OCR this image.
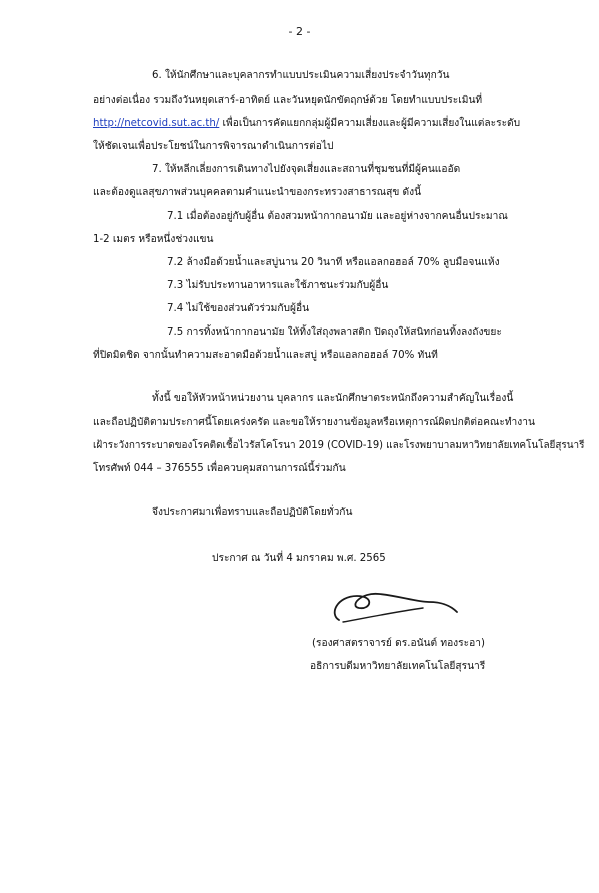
- 2 -
6. ให้นักศึกษาและบุคลากรทำแบบประเมินความเสี่ยงประจำวันทุกวัน
อย่างต่อเนื่อง รวมถึงวันหยุดเสาร์-อาทิตย์ และวันหยุดนักขัตฤกษ์ด้วย โดยทำแบบประเมินที่
http://netcovid.sut.ac.th/ เพื่อเป็นการคัดแยกกลุ่มผู้มีความเสี่ยงและผู้มีความเสี่ยงในแต่ละระดับ
ให้ชัดเจนเพื่อประโยชน์ในการพิจารณาดำเนินการต่อไป
7. ให้หลีกเลี่ยงการเดินทางไปยังจุดเสี่ยงและสถานที่ชุมชนที่มีผู้คนแออัด
และต้องดูแลสุขภาพส่วนบุคคลตามคำแนะนำของกระทรวงสาธารณสุข ดังนี้
7.1 เมื่อต้องอยู่กับผู้อื่น ต้องสวมหน้ากากอนามัย และอยู่ห่างจากคนอื่นประมาณ
1-2 เมตร หรือหนึ่งช่วงแขน
7.2 ล้างมือด้วยน้ำและสบู่นาน 20 วินาที หรือแอลกอฮอล์ 70% ลูบมือจนแห้ง
7.3 ไม่รับประทานอาหารและใช้ภาชนะร่วมกับผู้อื่น
7.4 ไม่ใช้ของส่วนตัวร่วมกับผู้อื่น
7.5 การทิ้งหน้ากากอนามัย ให้ทิ้งใส่ถุงพลาสติก ปิดถุงให้สนิทก่อนทิ้งลงถังขยะ
ที่ปิดมิดชิด จากนั้นทำความสะอาดมือด้วยน้ำและสบู่ หรือแอลกอฮอล์ 70% ทันที
ทั้งนี้ ขอให้หัวหน้าหน่วยงาน บุคลากร และนักศึกษาตระหนักถึงความสำคัญในเรื่องนี้
และถือปฏิบัติตามประกาศนี้โดยเคร่งครัด และขอให้รายงานข้อมูลหรือเหตุการณ์ผิดปกติต่อคณะทำงาน
เฝ้าระวังการระบาดของโรคติดเชื้อไวรัสโคโรนา 2019 (COVID-19) และโรงพยาบาลมหาวิทยาลัยเทคโนโลยีสุรนารี
โทรศัพท์ 044 – 376555 เพื่อควบคุมสถานการณ์นี้ร่วมกัน
จึงประกาศมาเพื่อทราบและถือปฏิบัติโดยทั่วกัน
ประกาศ ณ วันที่ 4 มกราคม พ.ศ. 2565
(รองศาสตราจารย์ ดร.อนันต์ ทองระอา)
อธิการบดีมหาวิทยาลัยเทคโนโลยีสุรนารี
